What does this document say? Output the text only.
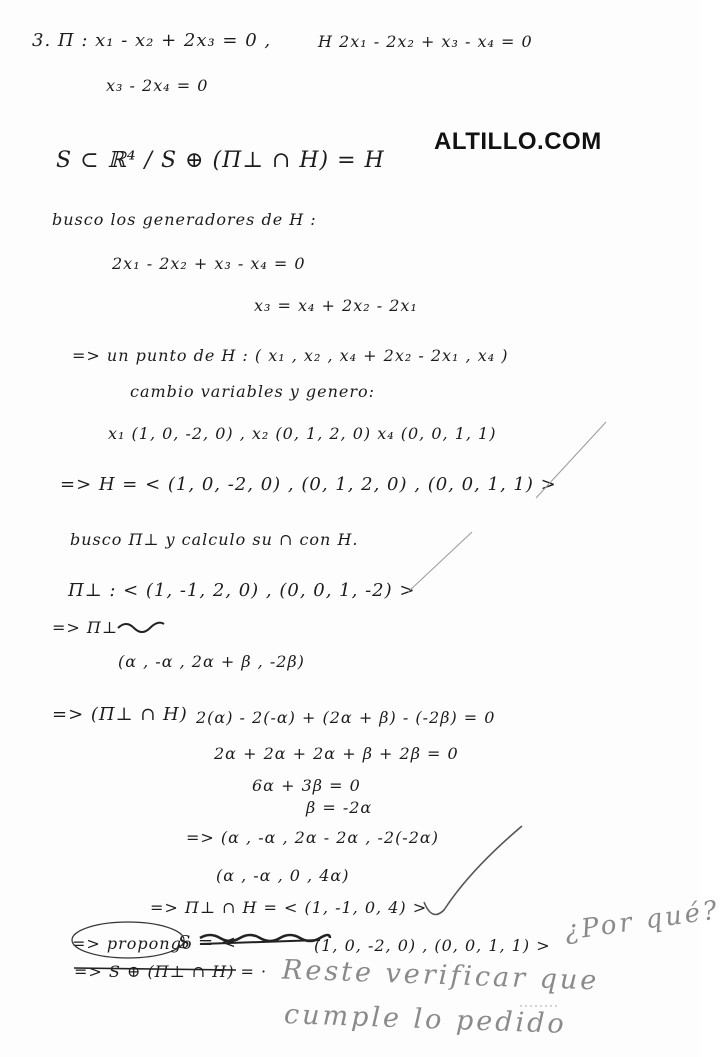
ALTILLO.COM
3. Π : x₁ - x₂ + 2x₃ = 0 ,	H 2x₁ - 2x₂ + x₃ - x₄ = 0
x₃ - 2x₄ = 0
S ⊂ ℝ⁴ / S ⊕ (Π⊥ ∩ H) = H
busco los generadores de H :
2x₁ - 2x₂ + x₃ - x₄ = 0
x₃ = x₄ + 2x₂ - 2x₁
=> un punto de H : ( x₁ , x₂ , x₄ + 2x₂ - 2x₁ , x₄ )
cambio variables y genero:
x₁ (1, 0, -2, 0) , x₂ (0, 1, 2, 0) x₄ (0, 0, 1, 1)
=> H = < (1, 0, -2, 0) , (0, 1, 2, 0) , (0, 0, 1, 1) >
busco Π⊥ y calculo su ∩ con H.
Π⊥ : < (1, -1, 2, 0) , (0, 0, 1, -2) >
=> Π⊥
(α , -α , 2α + β , -2β)
=> (Π⊥ ∩ H) 2(α) - 2(-α) + (2α + β) - (-2β) = 0
2α + 2α + 2α + β + 2β = 0
6α + 3β = 0
β = -2α
=> (α , -α , 2α - 2α , -2(-2α)
(α , -α , 0 , 4α)
=> Π⊥ ∩ H = < (1, -1, 0, 4) >
=> propongo
S = <	(1, 0, -2, 0) , (0, 0, 1, 1) >
=> S ⊕ (Π⊥ ∩ H) = ·
¿Por qué?
Reste verificar que
cumple lo pedido
